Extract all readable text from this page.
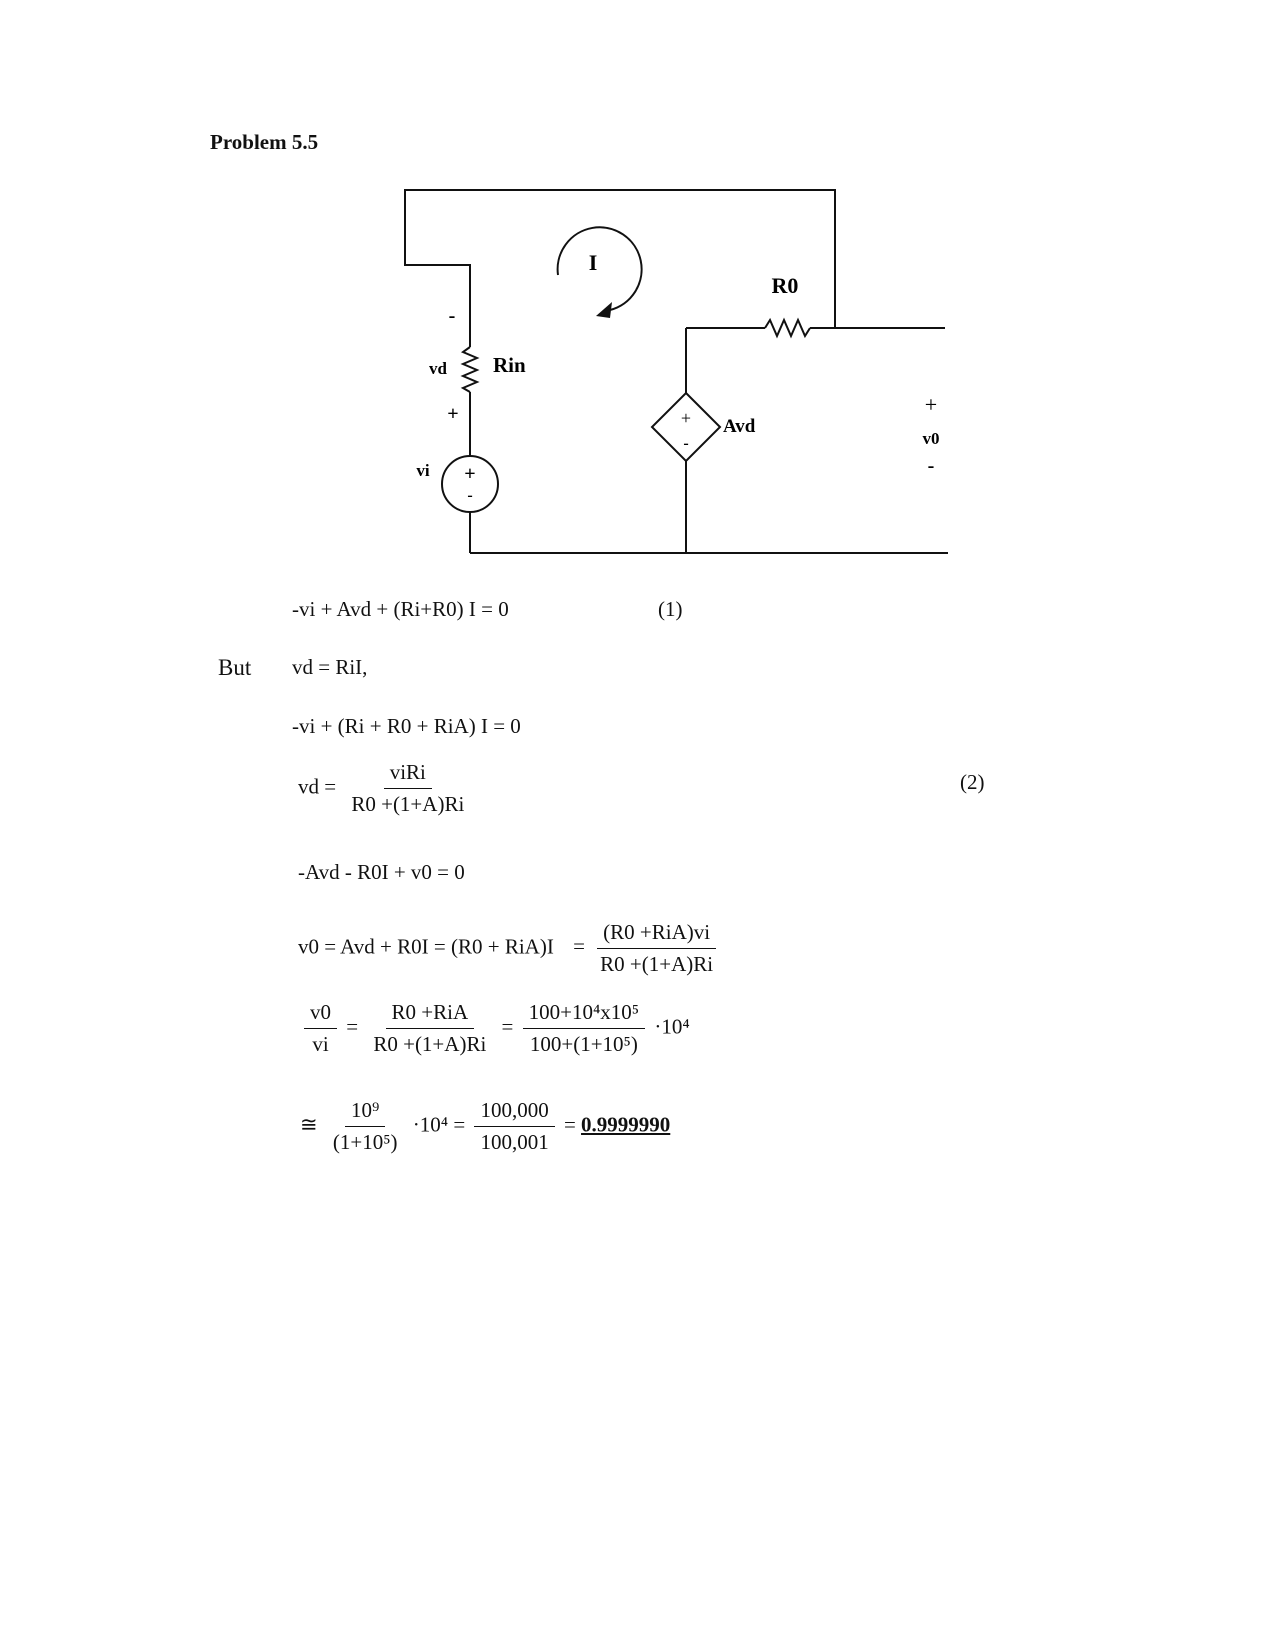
Problem 5.5
I
-
vd Rin
+
vi +
-
R0
+
-
Avd
+
v0
-
-vi + Avd + (Ri+R0) I = 0	(1)
But vd = RiI,
-vi + (Ri + R0 + RiA) I = 0
vd = $\frac{\text{viRi}}{R0 +(1+A)Ri}$	(2)
-Avd - R0I + v0 = 0
v0 = Avd + $R0I = (R0 + RiA)I = \frac{\text{(R0 +RiA)vi}}{R0 +(1+A)Ri}$
$\frac{v0}{vi} = \frac{\text{R0 +RiA}}{R0 +(1+A)Ri} = \frac{\text{100+10⁴x10⁵}}{\text{100+(1+10⁵)}} \cdot 10^4$
≅ $\frac{\text{10⁹}}{\text{(1+10⁵)}} \cdot 10^4 = \frac{100,000}{100,001} = 0.9999990$
